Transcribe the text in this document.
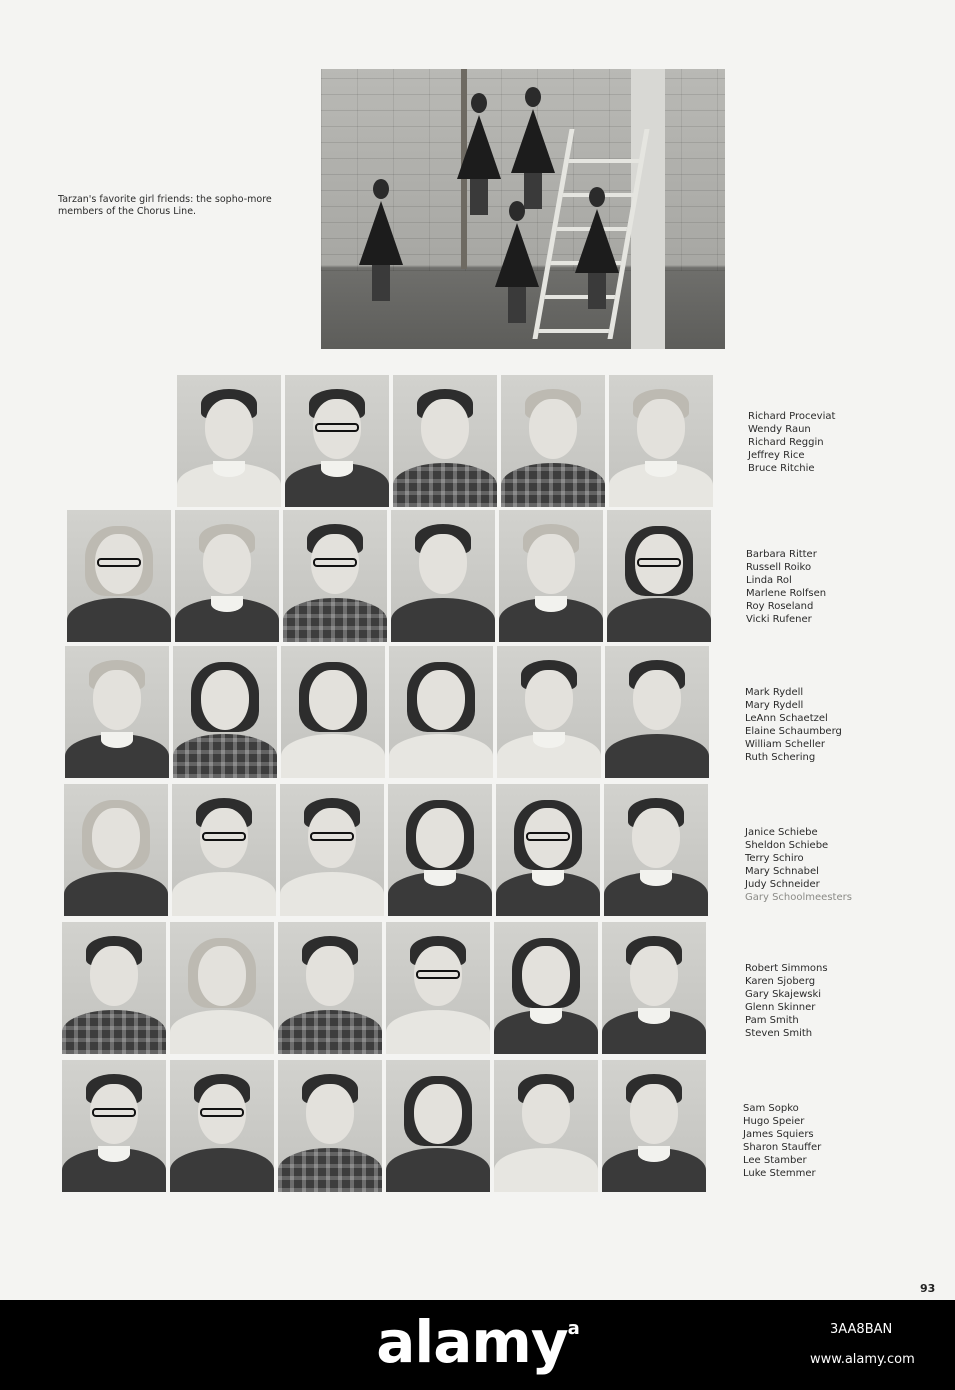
Tarzan's favorite girl friends: the sopho-more members of the Chorus Line.
Richard Proceviat
Wendy Raun
Richard Reggin
Jeffrey Rice
Bruce Ritchie
Barbara Ritter
Russell Roiko
Linda Rol
Marlene Rolfsen
Roy Roseland
Vicki Rufener
Mark Rydell
Mary Rydell
LeAnn Schaetzel
Elaine Schaumberg
William Scheller
Ruth Schering
Janice Schiebe
Sheldon Schiebe
Terry Schiro
Mary Schnabel
Judy Schneider
Gary Schoolmeesters
Robert Simmons
Karen Sjoberg
Gary Skajewski
Glenn Skinner
Pam Smith
Steven Smith
Sam Sopko
Hugo Speier
James Squiers
Sharon Stauffer
Lee Stamber
Luke Stemmer
93
alamy$^a$	3AA8BAN
www.alamy.com
